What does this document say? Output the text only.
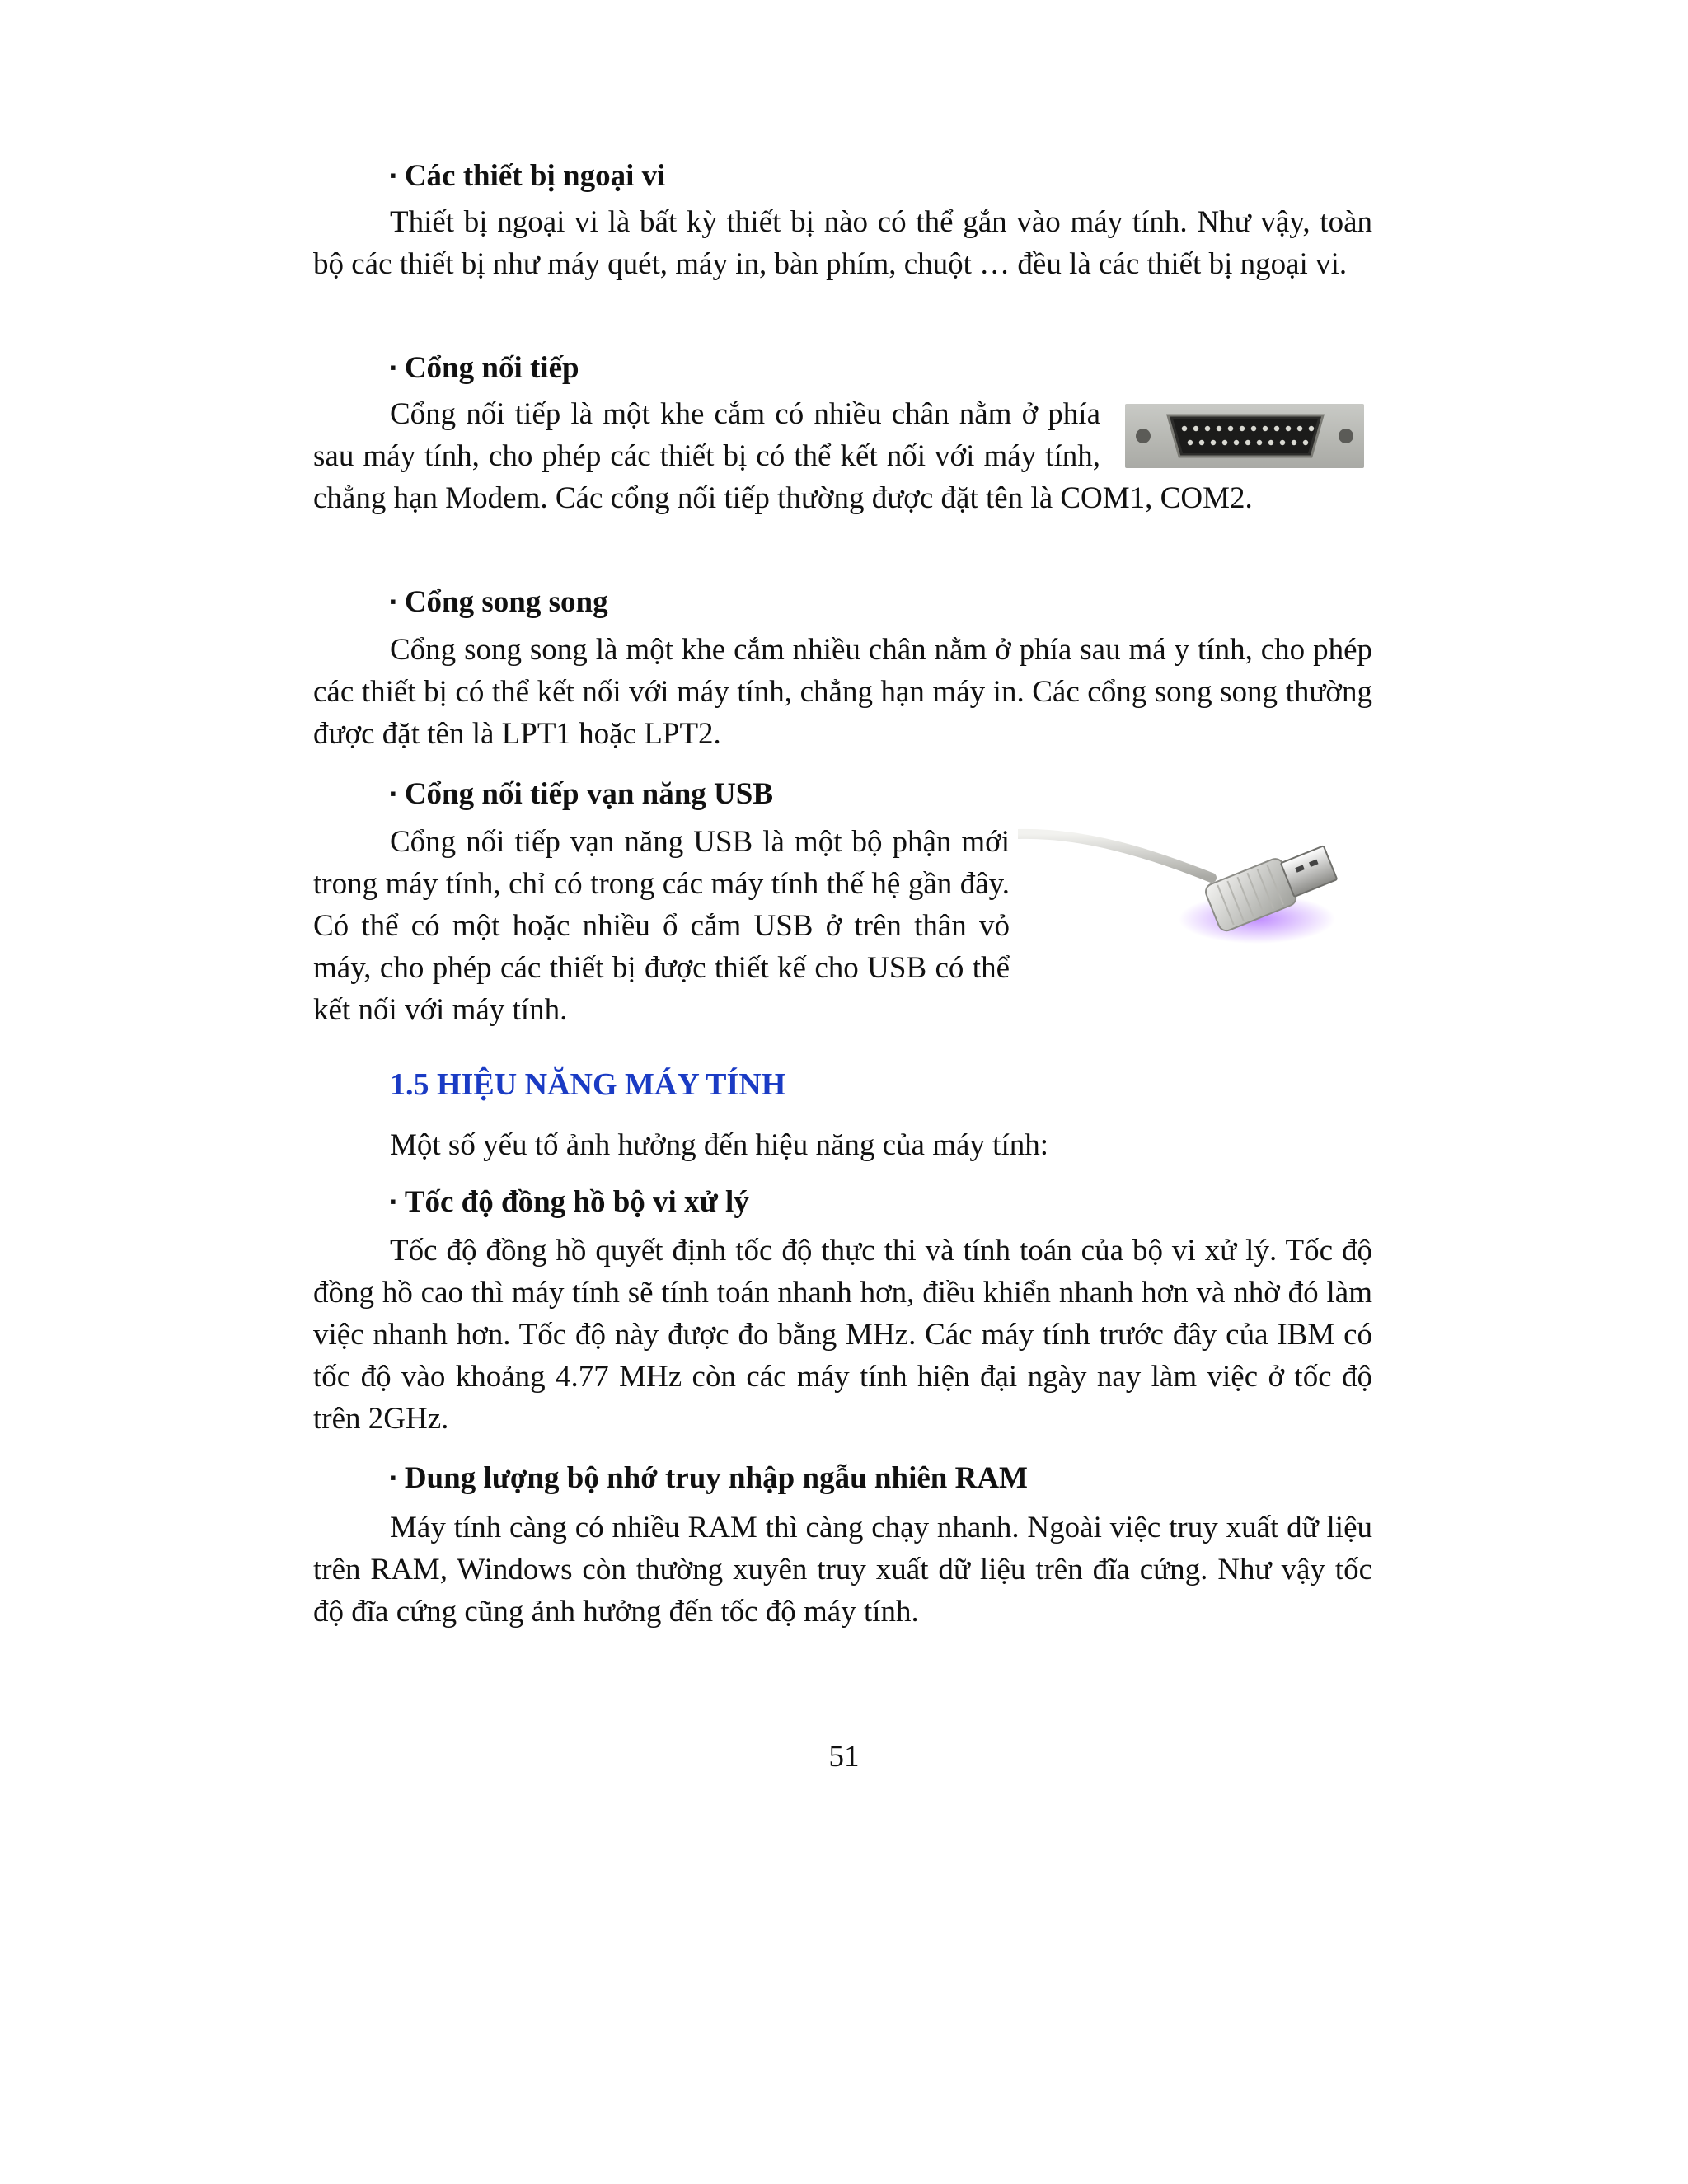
▪ Các thiết bị ngoại vi

Thiết bị ngoại vi là bất kỳ thiết bị nào có thể gắn vào máy tính. Như vậy, toàn bộ các thiết bị như máy quét, máy in, bàn phím, chuột … đều là các thiết bị ngoại vi.

▪ Cổng nối tiếp

Cổng nối tiếp là một khe cắm có nhiều chân nằm ở phía sau máy tính, cho phép các thiết bị có thể kết nối với máy tính, chẳng hạn Modem. Các cổng nối tiếp thường được đặt tên là COM1, COM2.

▪ Cổng song song

Cổng song song là một khe cắm nhiều chân nằm ở phía sau má y tính, cho phép các thiết bị có thể kết nối với máy tính, chẳng hạn máy in. Các cổng song song thường được đặt tên là LPT1 hoặc LPT2.

▪ Cổng nối tiếp vạn năng USB

Cổng nối tiếp vạn năng USB là một bộ phận mới trong máy tính, chỉ có trong các máy tính thế hệ gần đây. Có thể có một hoặc nhiều ổ cắm USB ở trên thân vỏ máy, cho phép các thiết bị được thiết kế cho USB có thể kết nối với máy tính.

1.5 HIỆU NĂNG MÁY TÍNH
Một số yếu tố ảnh hưởng đến hiệu năng của máy tính:
▪ Tốc độ đồng hồ bộ vi xử lý

Tốc độ đồng hồ quyết định tốc độ thực thi và tính toán của bộ vi xử lý. Tốc độ đồng hồ cao thì máy tính sẽ tính toán nhanh hơn, điều khiển nhanh hơn và nhờ đó làm việc nhanh hơn. Tốc độ này được đo bằng MHz. Các máy tính trước đây của IBM có tốc độ vào khoảng 4.77 MHz còn các máy tính hiện đại ngày nay làm việc ở tốc độ trên 2GHz.

▪ Dung lượng bộ nhớ truy nhập ngẫu nhiên RAM

Máy tính càng có nhiều RAM thì càng chạy nhanh. Ngoài việc truy xuất dữ liệu trên RAM, Windows còn thường xuyên truy xuất dữ liệu trên đĩa cứng. Như vậy tốc độ đĩa cứng cũng ảnh hưởng đến tốc độ máy tính.

51
